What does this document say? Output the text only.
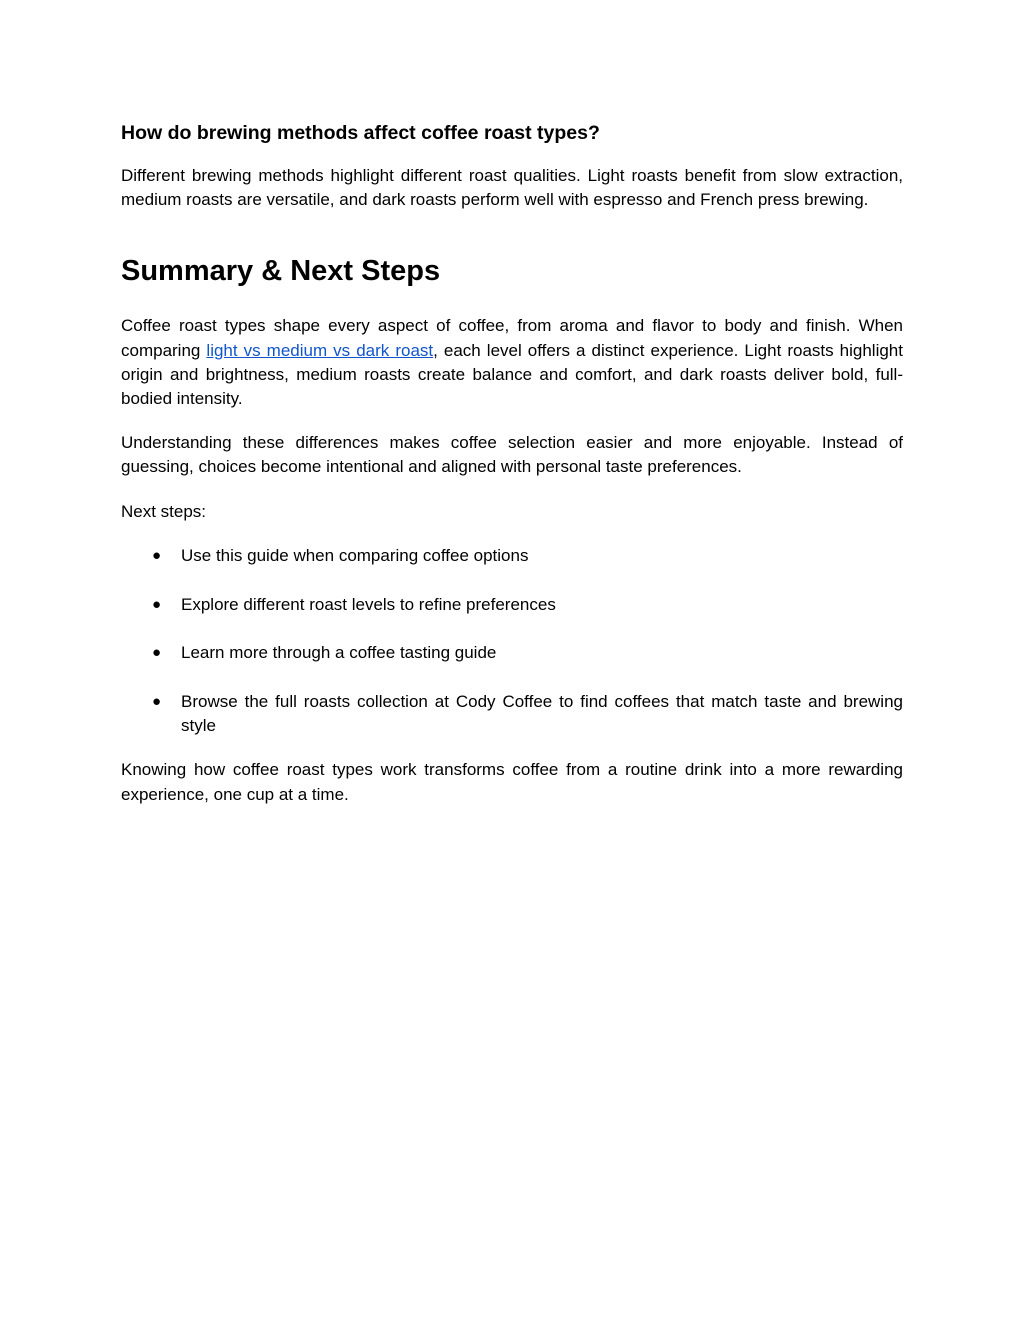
How do brewing methods affect coffee roast types?

Different brewing methods highlight different roast qualities. Light roasts benefit from slow extraction, medium roasts are versatile, and dark roasts perform well with espresso and French press brewing.

Summary & Next Steps

Coffee roast types shape every aspect of coffee, from aroma and flavor to body and finish. When comparing light vs medium vs dark roast, each level offers a distinct experience. Light roasts highlight origin and brightness, medium roasts create balance and comfort, and dark roasts deliver bold, full-bodied intensity.

Understanding these differences makes coffee selection easier and more enjoyable. Instead of guessing, choices become intentional and aligned with personal taste preferences.

Next steps:

● Use this guide when comparing coffee options
● Explore different roast levels to refine preferences
● Learn more through a coffee tasting guide
● Browse the full roasts collection at Cody Coffee to find coffees that match taste and brewing style

Knowing how coffee roast types work transforms coffee from a routine drink into a more rewarding experience, one cup at a time.
